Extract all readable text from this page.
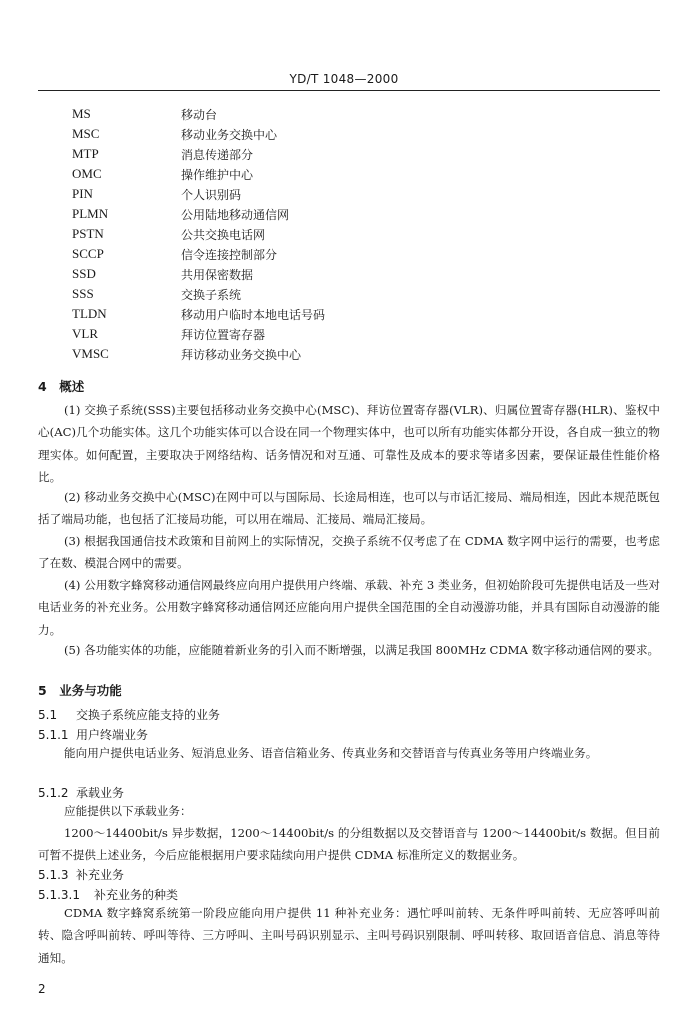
YD/T 1048—2000
MS	移动台
MSC	移动业务交换中心
MTP	消息传递部分
OMC	操作维护中心
PIN	个人识别码
PLMN	公用陆地移动通信网
PSTN	公共交换电话网
SCCP	信令连接控制部分
SSD	共用保密数据
SSS	交换子系统
TLDN	移动用户临时本地电话号码
VLR	拜访位置寄存器
VMSC	拜访移动业务交换中心
4　概述

(1) 交换子系统(SSS)主要包括移动业务交换中心(MSC)、拜访位置寄存器(VLR)、归属位置寄存器(HLR)、鉴权中心(AC)几个功能实体。这几个功能实体可以合设在同一个物理实体中，也可以所有功能实体都分开设，各自成一独立的物理实体。如何配置，主要取决于网络结构、话务情况和对互通、可靠性及成本的要求等诸多因素，要保证最佳性能价格比。

(2) 移动业务交换中心(MSC)在网中可以与国际局、长途局相连，也可以与市话汇接局、端局相连，因此本规范既包括了端局功能，也包括了汇接局功能，可以用在端局、汇接局、端局汇接局。

(3) 根据我国通信技术政策和目前网上的实际情况，交换子系统不仅考虑了在 CDMA 数字网中运行的需要，也考虑了在数、模混合网中的需要。

(4) 公用数字蜂窝移动通信网最终应向用户提供用户终端、承载、补充 3 类业务，但初始阶段可先提供电话及一些对电话业务的补充业务。公用数字蜂窝移动通信网还应能向用户提供全国范围的全自动漫游功能，并具有国际自动漫游的能力。

(5) 各功能实体的功能，应能随着新业务的引入而不断增强，以满足我国 800MHz CDMA 数字移动通信网的要求。

5　业务与功能
5.1 交换子系统应能支持的业务
5.1.1 用户终端业务

能向用户提供电话业务、短消息业务、语音信箱业务、传真业务和交替语音与传真业务等用户终端业务。

5.1.2 承载业务

应能提供以下承载业务：

1200～14400bit/s 异步数据，1200～14400bit/s 的分组数据以及交替语音与 1200～14400bit/s 数据。但目前可暂不提供上述业务，今后应能根据用户要求陆续向用户提供 CDMA 标准所定义的数据业务。

5.1.3 补充业务
5.1.3.1 补充业务的种类

CDMA 数字蜂窝系统第一阶段应能向用户提供 11 种补充业务：遇忙呼叫前转、无条件呼叫前转、无应答呼叫前转、隐含呼叫前转、呼叫等待、三方呼叫、主叫号码识别显示、主叫号码识别限制、呼叫转移、取回语音信息、消息等待通知。

2
